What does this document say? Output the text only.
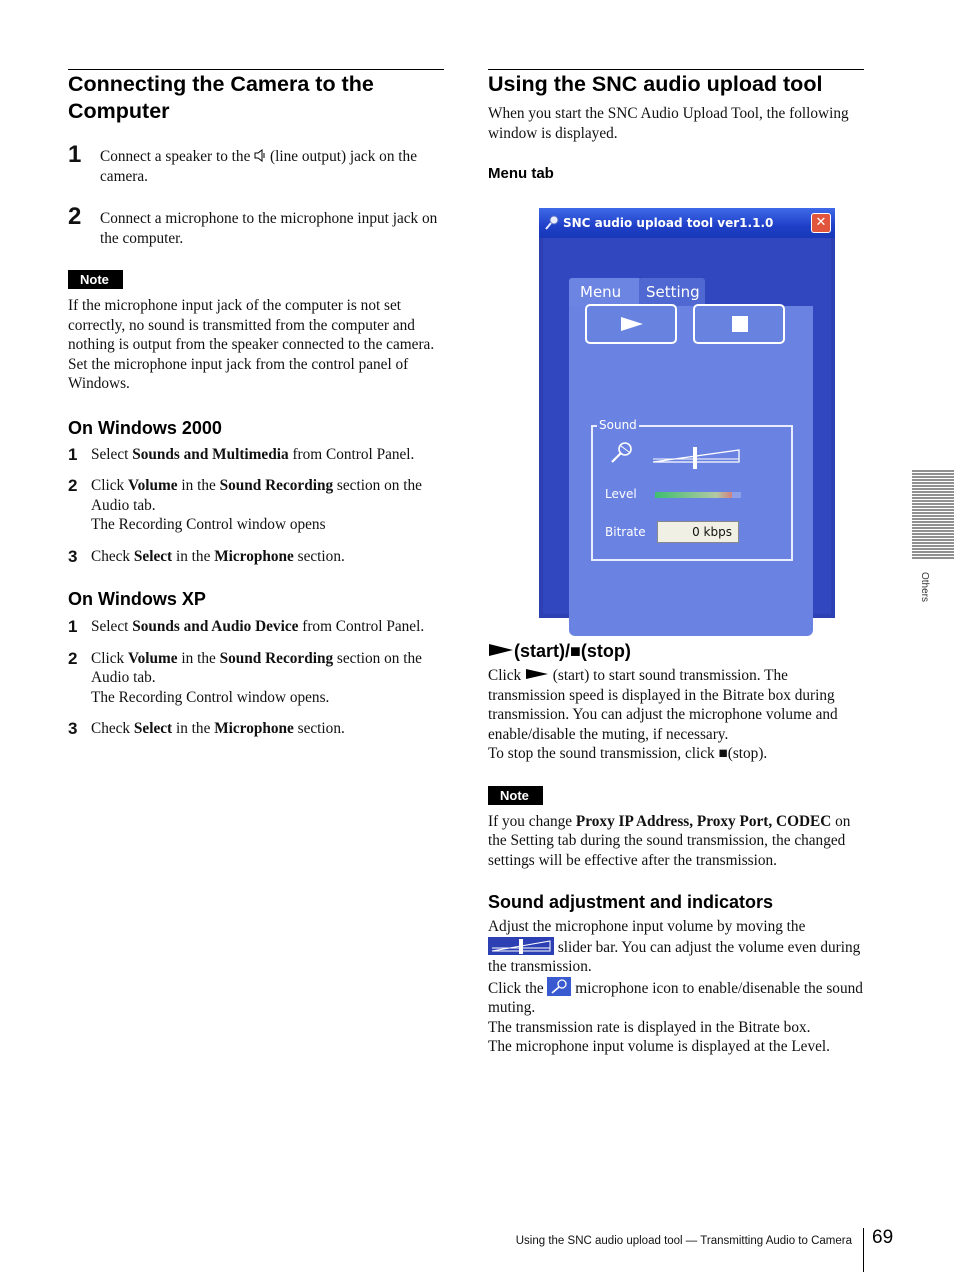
Connecting the Camera to the Computer
1	Connect a speaker to the  (line output) jack on the camera.
2	Connect a microphone to the microphone input jack on the computer.
Note

If the microphone input jack of the computer is not set correctly, no sound is transmitted from the computer and nothing is output from the speaker connected to the camera.

Set the microphone input jack from the control panel of Windows.

On Windows 2000
1 Select Sounds and Multimedia from Control Panel.
2 Click Volume in the Sound Recording section on the Audio tab.
The Recording Control window opens
3 Check Select in the Microphone section.
On Windows XP
1 Select Sounds and Audio Device from Control Panel.
2 Click Volume in the Sound Recording section on the Audio tab.
The Recording Control window opens.
3 Check Select in the Microphone section.
Using the SNC audio upload tool

When you start the SNC Audio Upload Tool, the following window is displayed.

Menu tab
(start)/■(stop)

Click  (start) to start sound transmission. The transmission speed is displayed in the Bitrate box during transmission. You can adjust the microphone volume and enable/disable the muting, if necessary.

To stop the sound transmission, click ■(stop).

Note

If you change Proxy IP Address, Proxy Port, CODEC on the Setting tab during the sound transmission, the changed settings will be effective after the transmission.

Sound adjustment and indicators

Adjust the microphone input volume by moving the  slider bar. You can adjust the volume even during the transmission.

Click the  microphone icon to enable/disenable the sound muting.

The transmission rate is displayed in the Bitrate box.

The microphone input volume is displayed at the Level.

SNC audio upload tool ver1.1.0	✕
Menu	Setting
Sound
Level
Bitrate	0 kbps
Others
Using the SNC audio upload tool — Transmitting Audio to Camera 69
